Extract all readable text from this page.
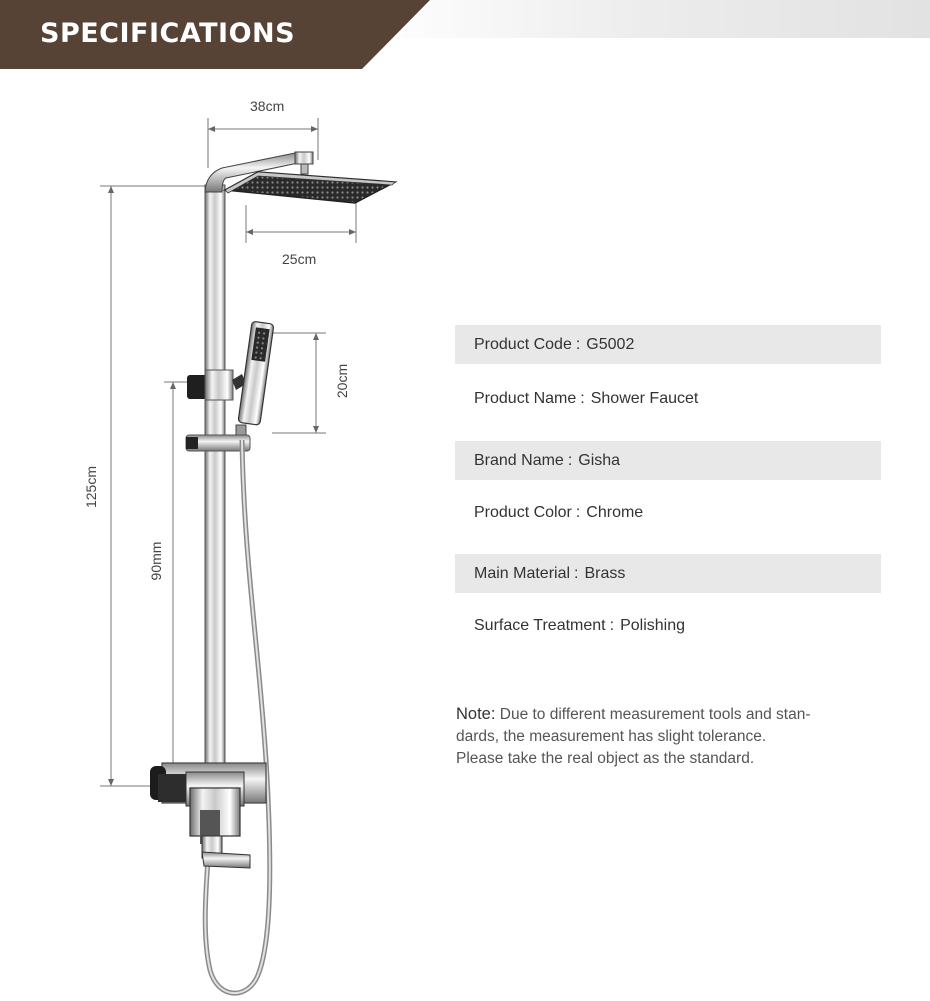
SPECIFICATIONS
38cm
25cm
20cm
125cm
90mm
Product Code : G5002
Product Name : Shower Faucet
Brand Name : Gisha
Product Color : Chrome
Main Material : Brass
Surface Treatment : Polishing
Note: Due to different measurement tools and stan-
dards, the measurement has slight tolerance.
Please take the real object as the standard.
